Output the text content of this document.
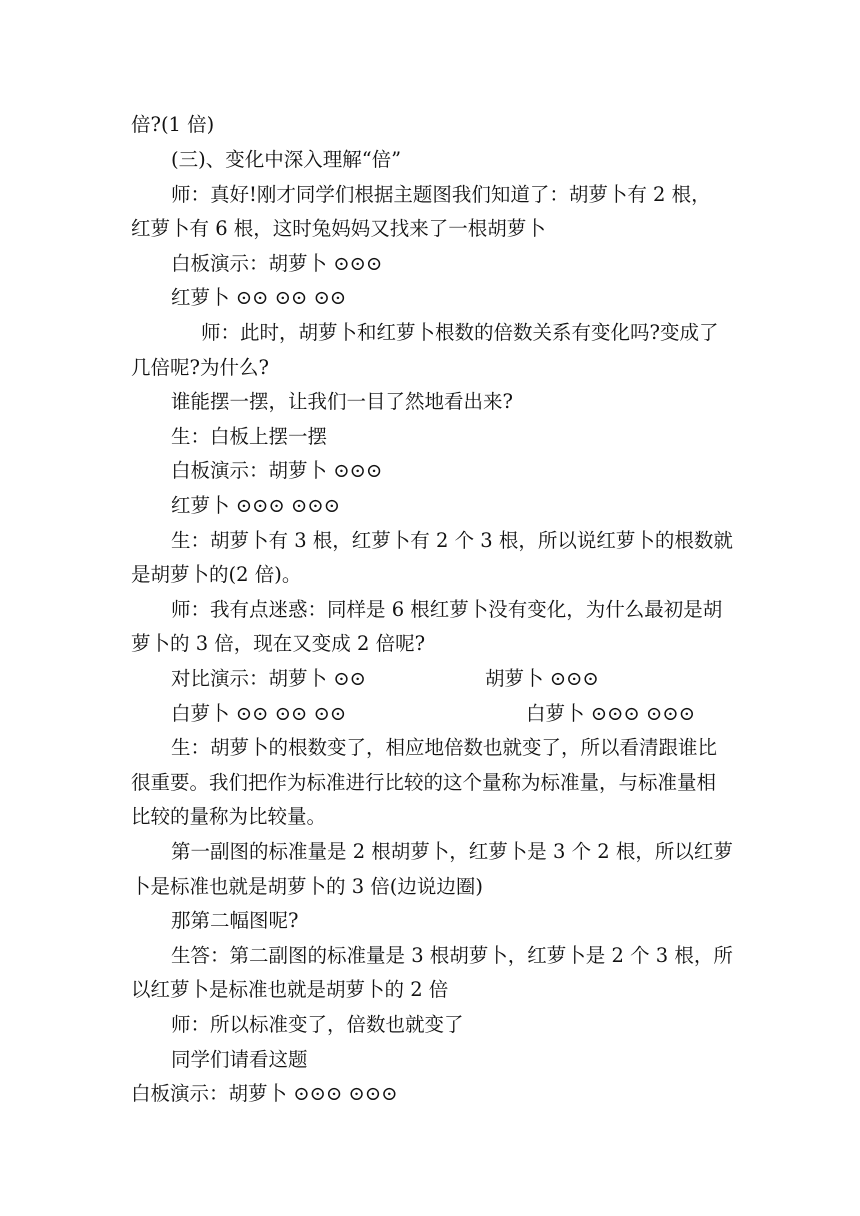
倍?(1 倍)
(三)、变化中深入理解“倍”
师：真好!刚才同学们根据主题图我们知道了：胡萝卜有 2 根，
红萝卜有 6 根，这时兔妈妈又找来了一根胡萝卜
白板演示：胡萝卜 ⊙⊙⊙
红萝卜 ⊙⊙ ⊙⊙ ⊙⊙
师：此时，胡萝卜和红萝卜根数的倍数关系有变化吗?变成了
几倍呢?为什么?
谁能摆一摆，让我们一目了然地看出来?
生：白板上摆一摆
白板演示：胡萝卜 ⊙⊙⊙
红萝卜 ⊙⊙⊙ ⊙⊙⊙
生：胡萝卜有 3 根，红萝卜有 2 个 3 根，所以说红萝卜的根数就
是胡萝卜的(2 倍)。
师：我有点迷惑：同样是 6 根红萝卜没有变化，为什么最初是胡
萝卜的 3 倍，现在又变成 2 倍呢?
对比演示：胡萝卜 ⊙⊙	胡萝卜 ⊙⊙⊙
白萝卜 ⊙⊙ ⊙⊙ ⊙⊙	白萝卜 ⊙⊙⊙ ⊙⊙⊙
生：胡萝卜的根数变了，相应地倍数也就变了，所以看清跟谁比
很重要。我们把作为标准进行比较的这个量称为标准量，与标准量相
比较的量称为比较量。
第一副图的标准量是 2 根胡萝卜，红萝卜是 3 个 2 根，所以红萝
卜是标准也就是胡萝卜的 3 倍(边说边圈)
那第二幅图呢?
生答：第二副图的标准量是 3 根胡萝卜，红萝卜是 2 个 3 根，所
以红萝卜是标准也就是胡萝卜的 2 倍
师：所以标准变了，倍数也就变了
同学们请看这题
白板演示：胡萝卜 ⊙⊙⊙ ⊙⊙⊙
